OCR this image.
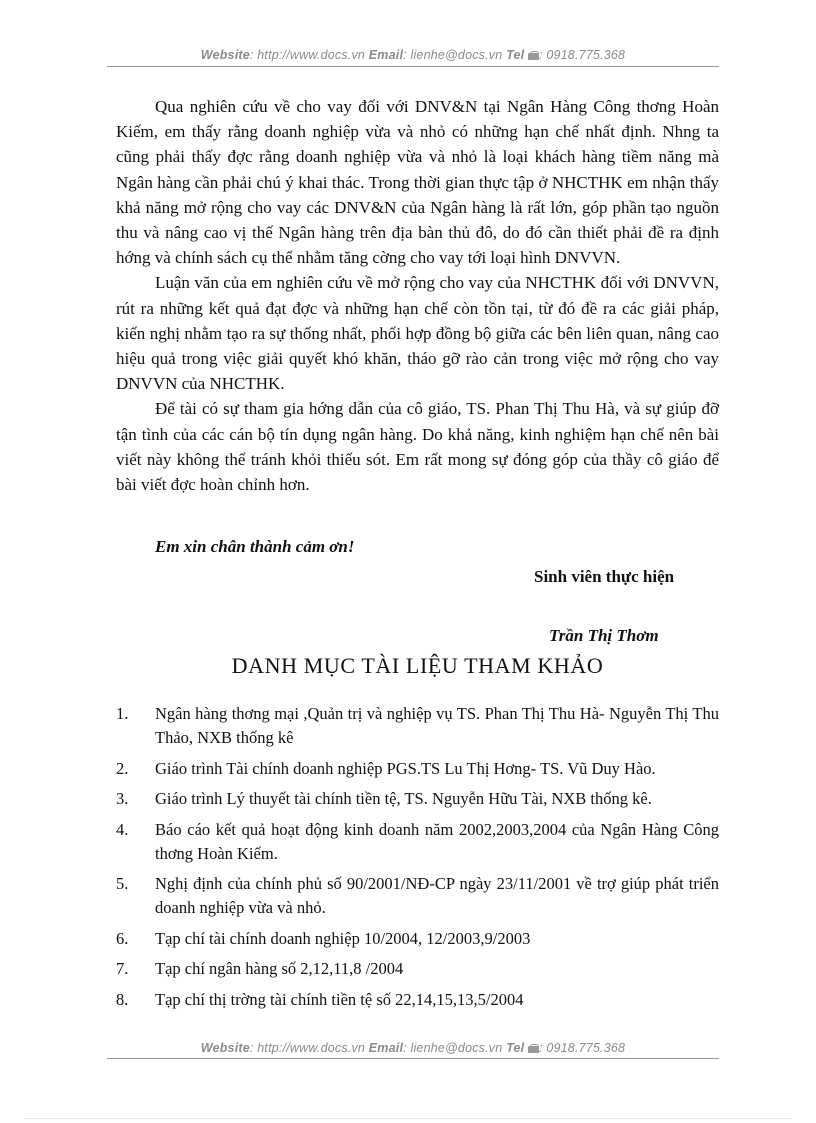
Website: http://www.docs.vn Email: lienhe@docs.vn Tel : 0918.775.368

Qua nghiên cứu về cho vay đối với DNV&N tại Ngân Hàng Công thơng Hoàn Kiếm, em thấy rằng doanh nghiệp vừa và nhỏ có những hạn chế nhất định. Nhng ta cũng phải thấy đợc rằng doanh nghiệp vừa và nhỏ là loại khách hàng tiềm năng mà Ngân hàng cần phải chú ý khai thác. Trong thời gian thực tập ở NHCTHK em nhận thấy khả năng mở rộng cho vay các DNV&N của Ngân hàng là rất lớn, góp phần tạo nguồn thu và nâng cao vị thế Ngân hàng trên địa bàn thủ đô, do đó cần thiết phải đề ra định hớng và chính sách cụ thể nhằm tăng cờng cho vay tới loại hình DNVVN.

Luận văn của em nghiên cứu về mở rộng cho vay của NHCTHK đối với DNVVN, rút ra những kết quả đạt đợc và những hạn chế còn tồn tại, từ đó đề ra các giải pháp, kiến nghị nhằm tạo ra sự thống nhất, phối hợp đồng bộ giữa các bên liên quan, nâng cao hiệu quả trong việc giải quyết khó khăn, tháo gỡ rào cản trong việc mở rộng cho vay DNVVN của NHCTHK.

Để tài có sự tham gia hớng dẫn của cô giáo, TS. Phan Thị Thu Hà, và sự giúp đỡ tận tình của các cán bộ tín dụng ngân hàng. Do khả năng, kinh nghiệm hạn chế nên bài viết này không thể tránh khỏi thiếu sót. Em rất mong sự đóng góp của thầy cô giáo để bài viết đợc hoàn chỉnh hơn.

Em xin chân thành cảm ơn!
Sinh viên thực hiện
Trần Thị Thơm
DANH MỤC TÀI LIỆU THAM KHẢO
1.	Ngân hàng thơng mại ,Quản trị và nghiệp vụ TS. Phan Thị Thu Hà- Nguyễn Thị Thu Thảo, NXB thống kê
2.	Giáo trình Tài chính doanh nghiệp PGS.TS Lu Thị Hơng- TS. Vũ Duy Hào.
3.	Giáo trình Lý thuyết tài chính tiền tệ, TS. Nguyễn Hữu Tài, NXB thống kê.
4.	Báo cáo kết quả hoạt động kinh doanh năm 2002,2003,2004 của Ngân Hàng Công thơng Hoàn Kiếm.
5.	Nghị định của chính phủ số 90/2001/NĐ-CP ngày 23/11/2001 về trợ giúp phát triển doanh nghiệp vừa và nhỏ.
6.	Tạp chí tài chính doanh nghiệp 10/2004, 12/2003,9/2003
7.	Tạp chí ngân hàng số 2,12,11,8 /2004
8.	Tạp chí thị trờng tài chính tiền tệ số 22,14,15,13,5/2004
Website: http://www.docs.vn Email: lienhe@docs.vn Tel : 0918.775.368
